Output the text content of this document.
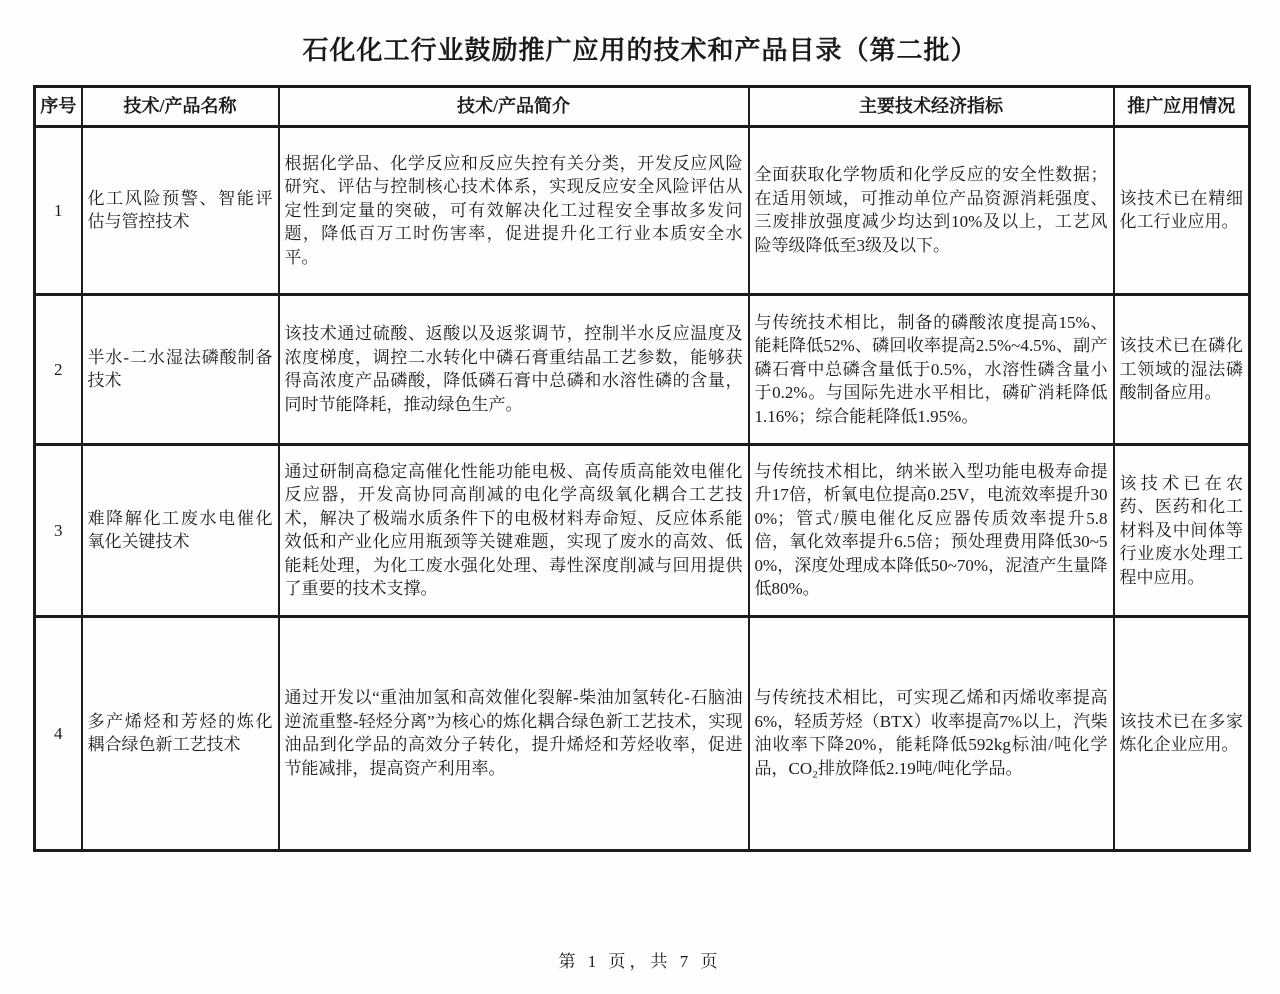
石化化工行业鼓励推广应用的技术和产品目录（第二批）
序号	技术/产品名称	技术/产品简介	主要技术经济指标	推广应用情况
1	化工风险预警、智能评估与管控技术	根据化学品、化学反应和反应失控有关分类，开发反应风险研究、评估与控制核心技术体系，实现反应安全风险评估从定性到定量的突破，可有效解决化工过程安全事故多发问题，降低百万工时伤害率，促进提升化工行业本质安全水平。	全面获取化学物质和化学反应的安全性数据；在适用领域，可推动单位产品资源消耗强度、三废排放强度减少均达到10%及以上，工艺风险等级降低至3级及以下。	该技术已在精细化工行业应用。
2	半水-二水湿法磷酸制备技术	该技术通过硫酸、返酸以及返浆调节，控制半水反应温度及浓度梯度，调控二水转化中磷石膏重结晶工艺参数，能够获得高浓度产品磷酸，降低磷石膏中总磷和水溶性磷的含量，同时节能降耗，推动绿色生产。	与传统技术相比，制备的磷酸浓度提高15%、能耗降低52%、磷回收率提高2.5%~4.5%、副产磷石膏中总磷含量低于0.5%，水溶性磷含量小于0.2%。与国际先进水平相比，磷矿消耗降低1.16%；综合能耗降低1.95%。	该技术已在磷化工领域的湿法磷酸制备应用。
3	难降解化工废水电催化氧化关键技术	通过研制高稳定高催化性能功能电极、高传质高能效电催化反应器，开发高协同高削减的电化学高级氧化耦合工艺技术，解决了极端水质条件下的电极材料寿命短、反应体系能效低和产业化应用瓶颈等关键难题，实现了废水的高效、低能耗处理，为化工废水强化处理、毒性深度削减与回用提供了重要的技术支撑。	与传统技术相比，纳米嵌入型功能电极寿命提升17倍，析氧电位提高0.25V，电流效率提升300%；管式/膜电催化反应器传质效率提升5.8倍，氧化效率提升6.5倍；预处理费用降低30~50%，深度处理成本降低50~70%，泥渣产生量降低80%。	该技术已在农药、医药和化工材料及中间体等行业废水处理工程中应用。
4	多产烯烃和芳烃的炼化耦合绿色新工艺技术	通过开发以“重油加氢和高效催化裂解-柴油加氢转化-石脑油逆流重整-轻烃分离”为核心的炼化耦合绿色新工艺技术，实现油品到化学品的高效分子转化，提升烯烃和芳烃收率，促进节能减排，提高资产利用率。	与传统技术相比，可实现乙烯和丙烯收率提高6%，轻质芳烃（BTX）收率提高7%以上，汽柴油收率下降20%，能耗降低592kg标油/吨化学品，CO₂排放降低2.19吨/吨化学品。	该技术已在多家炼化企业应用。
第 1 页，共 7 页
